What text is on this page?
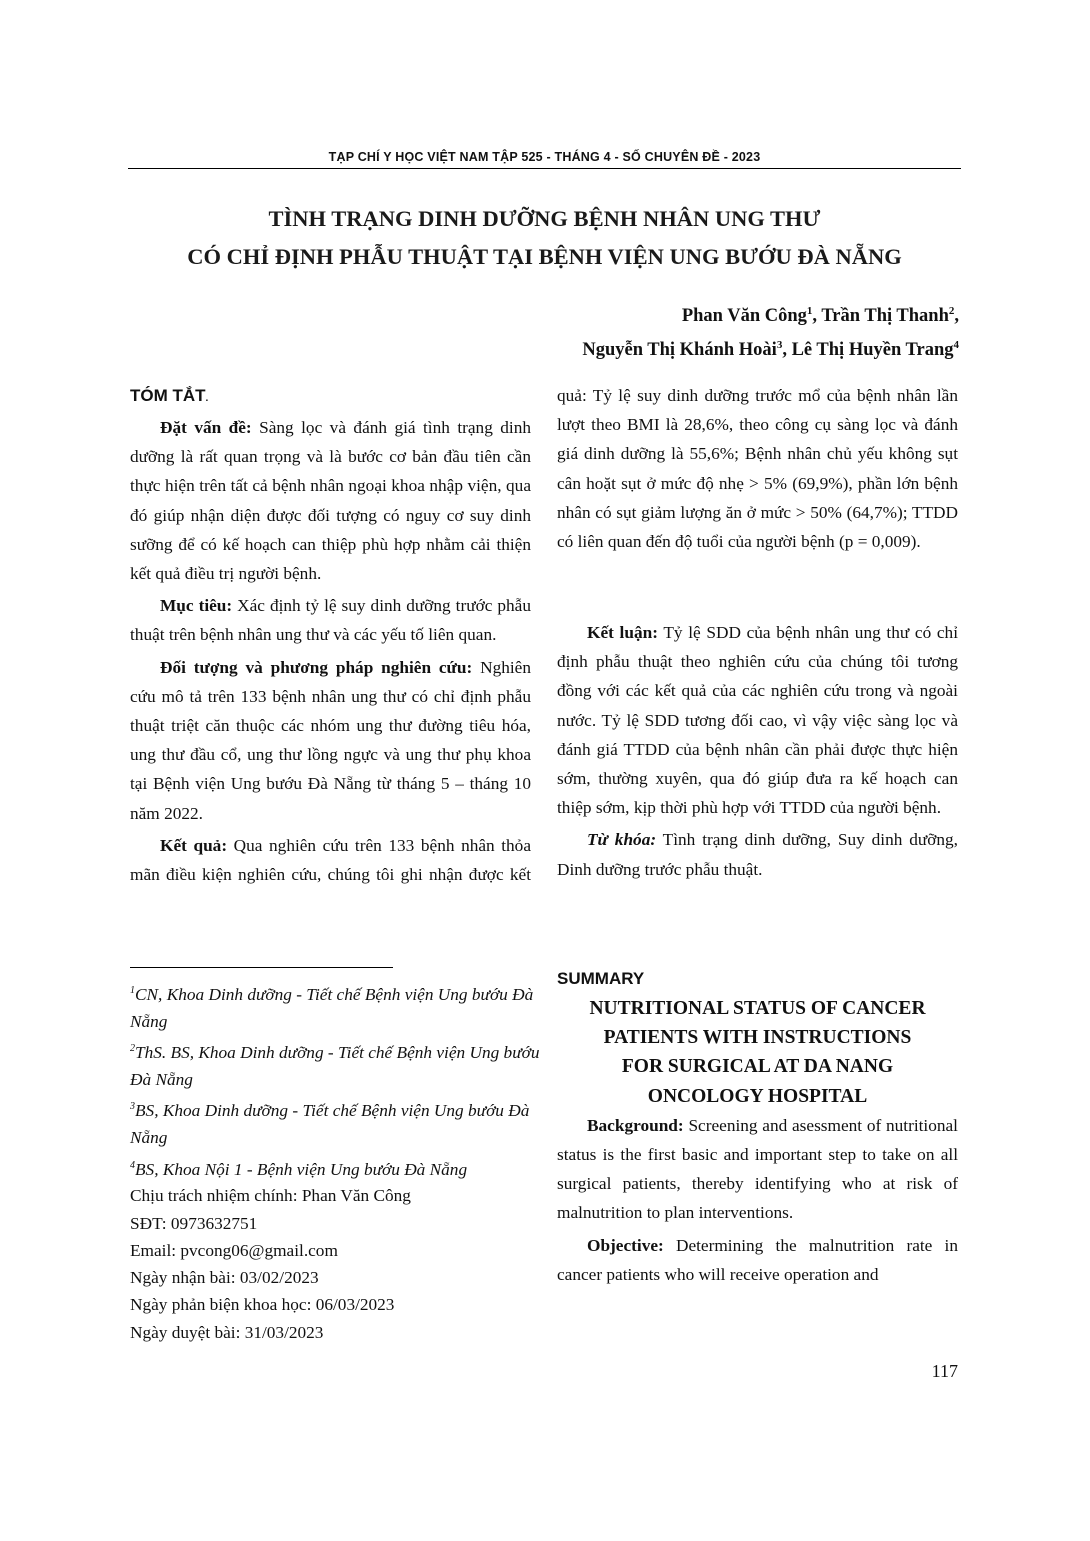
TẠP CHÍ Y HỌC VIỆT NAM TẬP 525 - THÁNG 4 - SỐ CHUYÊN ĐỀ - 2023
TÌNH TRẠNG DINH DƯỠNG BỆNH NHÂN UNG THƯ
CÓ CHỈ ĐỊNH PHẪU THUẬT TẠI BỆNH VIỆN UNG BƯỚU ĐÀ NẴNG
Phan Văn Công$^1$, Trần Thị Thanh$^2$,
Nguyễn Thị Khánh Hoài$^3$, Lê Thị Huyền Trang$^4$

TÓM TẮT.

Đặt vấn đề: Sàng lọc và đánh giá tình trạng dinh dưỡng là rất quan trọng và là bước cơ bản đầu tiên cần thực hiện trên tất cả bệnh nhân ngoại khoa nhập viện, qua đó giúp nhận diện được đối tượng có nguy cơ suy dinh sưỡng để có kế hoạch can thiệp phù hợp nhằm cải thiện kết quả điều trị người bệnh.

Mục tiêu: Xác định tỷ lệ suy dinh dưỡng trước phẫu thuật trên bệnh nhân ung thư và các yếu tố liên quan.

Đối tượng và phương pháp nghiên cứu: Nghiên cứu mô tả trên 133 bệnh nhân ung thư có chỉ định phẫu thuật triệt căn thuộc các nhóm ung thư đường tiêu hóa, ung thư đầu cổ, ung thư lồng ngực và ung thư phụ khoa tại Bệnh viện Ung bướu Đà Nẵng từ tháng 5 – tháng 10 năm 2022.

Kết quả: Qua nghiên cứu trên 133 bệnh nhân thỏa mãn điều kiện nghiên cứu, chúng tôi ghi nhận được kết

quả: Tỷ lệ suy dinh dưỡng trước mổ của bệnh nhân lần lượt theo BMI là 28,6%, theo công cụ sàng lọc và đánh giá dinh dưỡng là 55,6%; Bệnh nhân chủ yếu không sụt cân hoặt sụt ở mức độ nhẹ > 5% (69,9%), phần lớn bệnh nhân có sụt giảm lượng ăn ở mức > 50% (64,7%); TTDD có liên quan đến độ tuổi của người bệnh (p = 0,009).

Kết luận: Tỷ lệ SDD của bệnh nhân ung thư có chỉ định phẫu thuật theo nghiên cứu của chúng tôi tương đồng với các kết quả của các nghiên cứu trong và ngoài nước. Tỷ lệ SDD tương đối cao, vì vậy việc sàng lọc và đánh giá TTDD của bệnh nhân cần phải được thực hiện sớm, thường xuyên, qua đó giúp đưa ra kế hoạch can thiệp sớm, kịp thời phù hợp với TTDD của người bệnh.

Từ khóa: Tình trạng dinh dưỡng, Suy dinh dưỡng, Dinh dưỡng trước phẫu thuật.

$^1$CN, Khoa Dinh dưỡng - Tiết chế Bệnh viện Ung bướu Đà Nẵng

$^2$ThS. BS, Khoa Dinh dưỡng - Tiết chế Bệnh viện Ung bướu Đà Nẵng

$^3$BS, Khoa Dinh dưỡng - Tiết chế Bệnh viện Ung bướu Đà Nẵng

$^4$BS, Khoa Nội 1 - Bệnh viện Ung bướu Đà Nẵng

Chịu trách nhiệm chính: Phan Văn Công

SĐT: 0973632751

Email: pvcong06@gmail.com

Ngày nhận bài: 03/02/2023

Ngày phản biện khoa học: 06/03/2023

Ngày duyệt bài: 31/03/2023

SUMMARY
NUTRITIONAL STATUS OF CANCER
PATIENTS WITH INSTRUCTIONS
FOR SURGICAL AT DA NANG
ONCOLOGY HOSPITAL

Background: Screening and asessment of nutritional status is the first basic and important step to take on all surgical patients, thereby identifying who at risk of malnutrition to plan interventions.

Objective: Determining the malnutrition rate in cancer patients who will receive operation and

117
